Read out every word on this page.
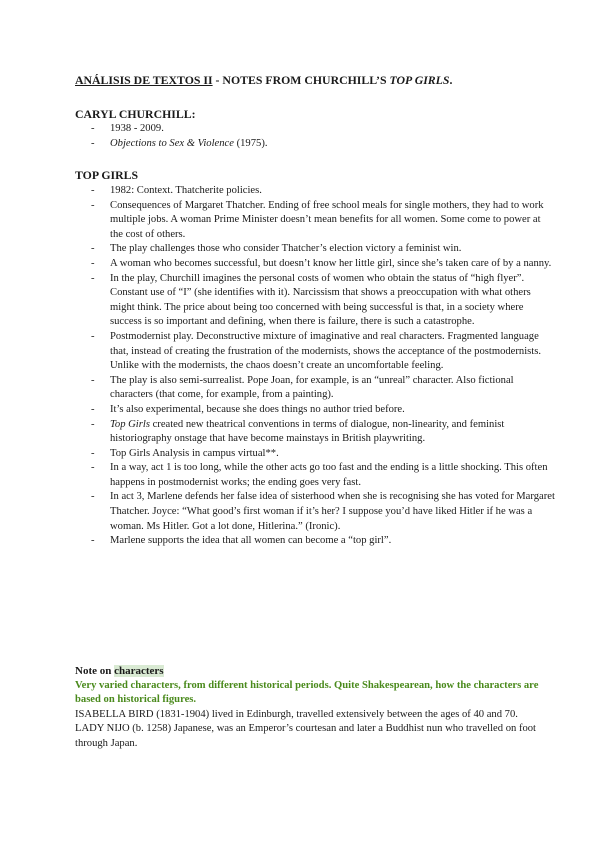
ANÁLISIS DE TEXTOS II - NOTES FROM CHURCHILL’S TOP GIRLS.
CARYL CHURCHILL:
- 1938 - 2009.
- Objections to Sex & Violence (1975).
TOP GIRLS
- 1982: Context. Thatcherite policies.
- Consequences of Margaret Thatcher. Ending of free school meals for single mothers, they had to work multiple jobs. A woman Prime Minister doesn’t mean benefits for all women. Some come to power at the cost of others.
- The play challenges those who consider Thatcher’s election victory a feminist win.
- A woman who becomes successful, but doesn’t know her little girl, since she’s taken care of by a nanny.
- In the play, Churchill imagines the personal costs of women who obtain the status of “high flyer”. Constant use of “I” (she identifies with it). Narcissism that shows a preoccupation with what others might think. The price about being too concerned with being successful is that, in a society where success is so important and defining, when there is failure, there is such a catastrophe.
- Postmodernist play. Deconstructive mixture of imaginative and real characters. Fragmented language that, instead of creating the frustration of the modernists, shows the acceptance of the postmodernists. Unlike with the modernists, the chaos doesn’t create an uncomfortable feeling.
- The play is also semi-surrealist. Pope Joan, for example, is an “unreal” character. Also fictional characters (that come, for example, from a painting).
- It’s also experimental, because she does things no author tried before.
- Top Girls created new theatrical conventions in terms of dialogue, non-linearity, and feminist historiography onstage that have become mainstays in British playwriting.
- Top Girls Analysis in campus virtual**.
- In a way, act 1 is too long, while the other acts go too fast and the ending is a little shocking. This often happens in postmodernist works; the ending goes very fast.
- In act 3, Marlene defends her false idea of sisterhood when she is recognising she has voted for Margaret Thatcher. Joyce: “What good’s first woman if it’s her? I suppose you’d have liked Hitler if he was a woman. Ms Hitler. Got a lot done, Hitlerina.” (Ironic).
- Marlene supports the idea that all women can become a “top girl”.
Note on characters
Very varied characters, from different historical periods. Quite Shakespearean, how the characters are based on historical figures.
ISABELLA BIRD (1831-1904) lived in Edinburgh, travelled extensively between the ages of 40 and 70.
LADY NIJO (b. 1258) Japanese, was an Emperor’s courtesan and later a Buddhist nun who travelled on foot through Japan.
